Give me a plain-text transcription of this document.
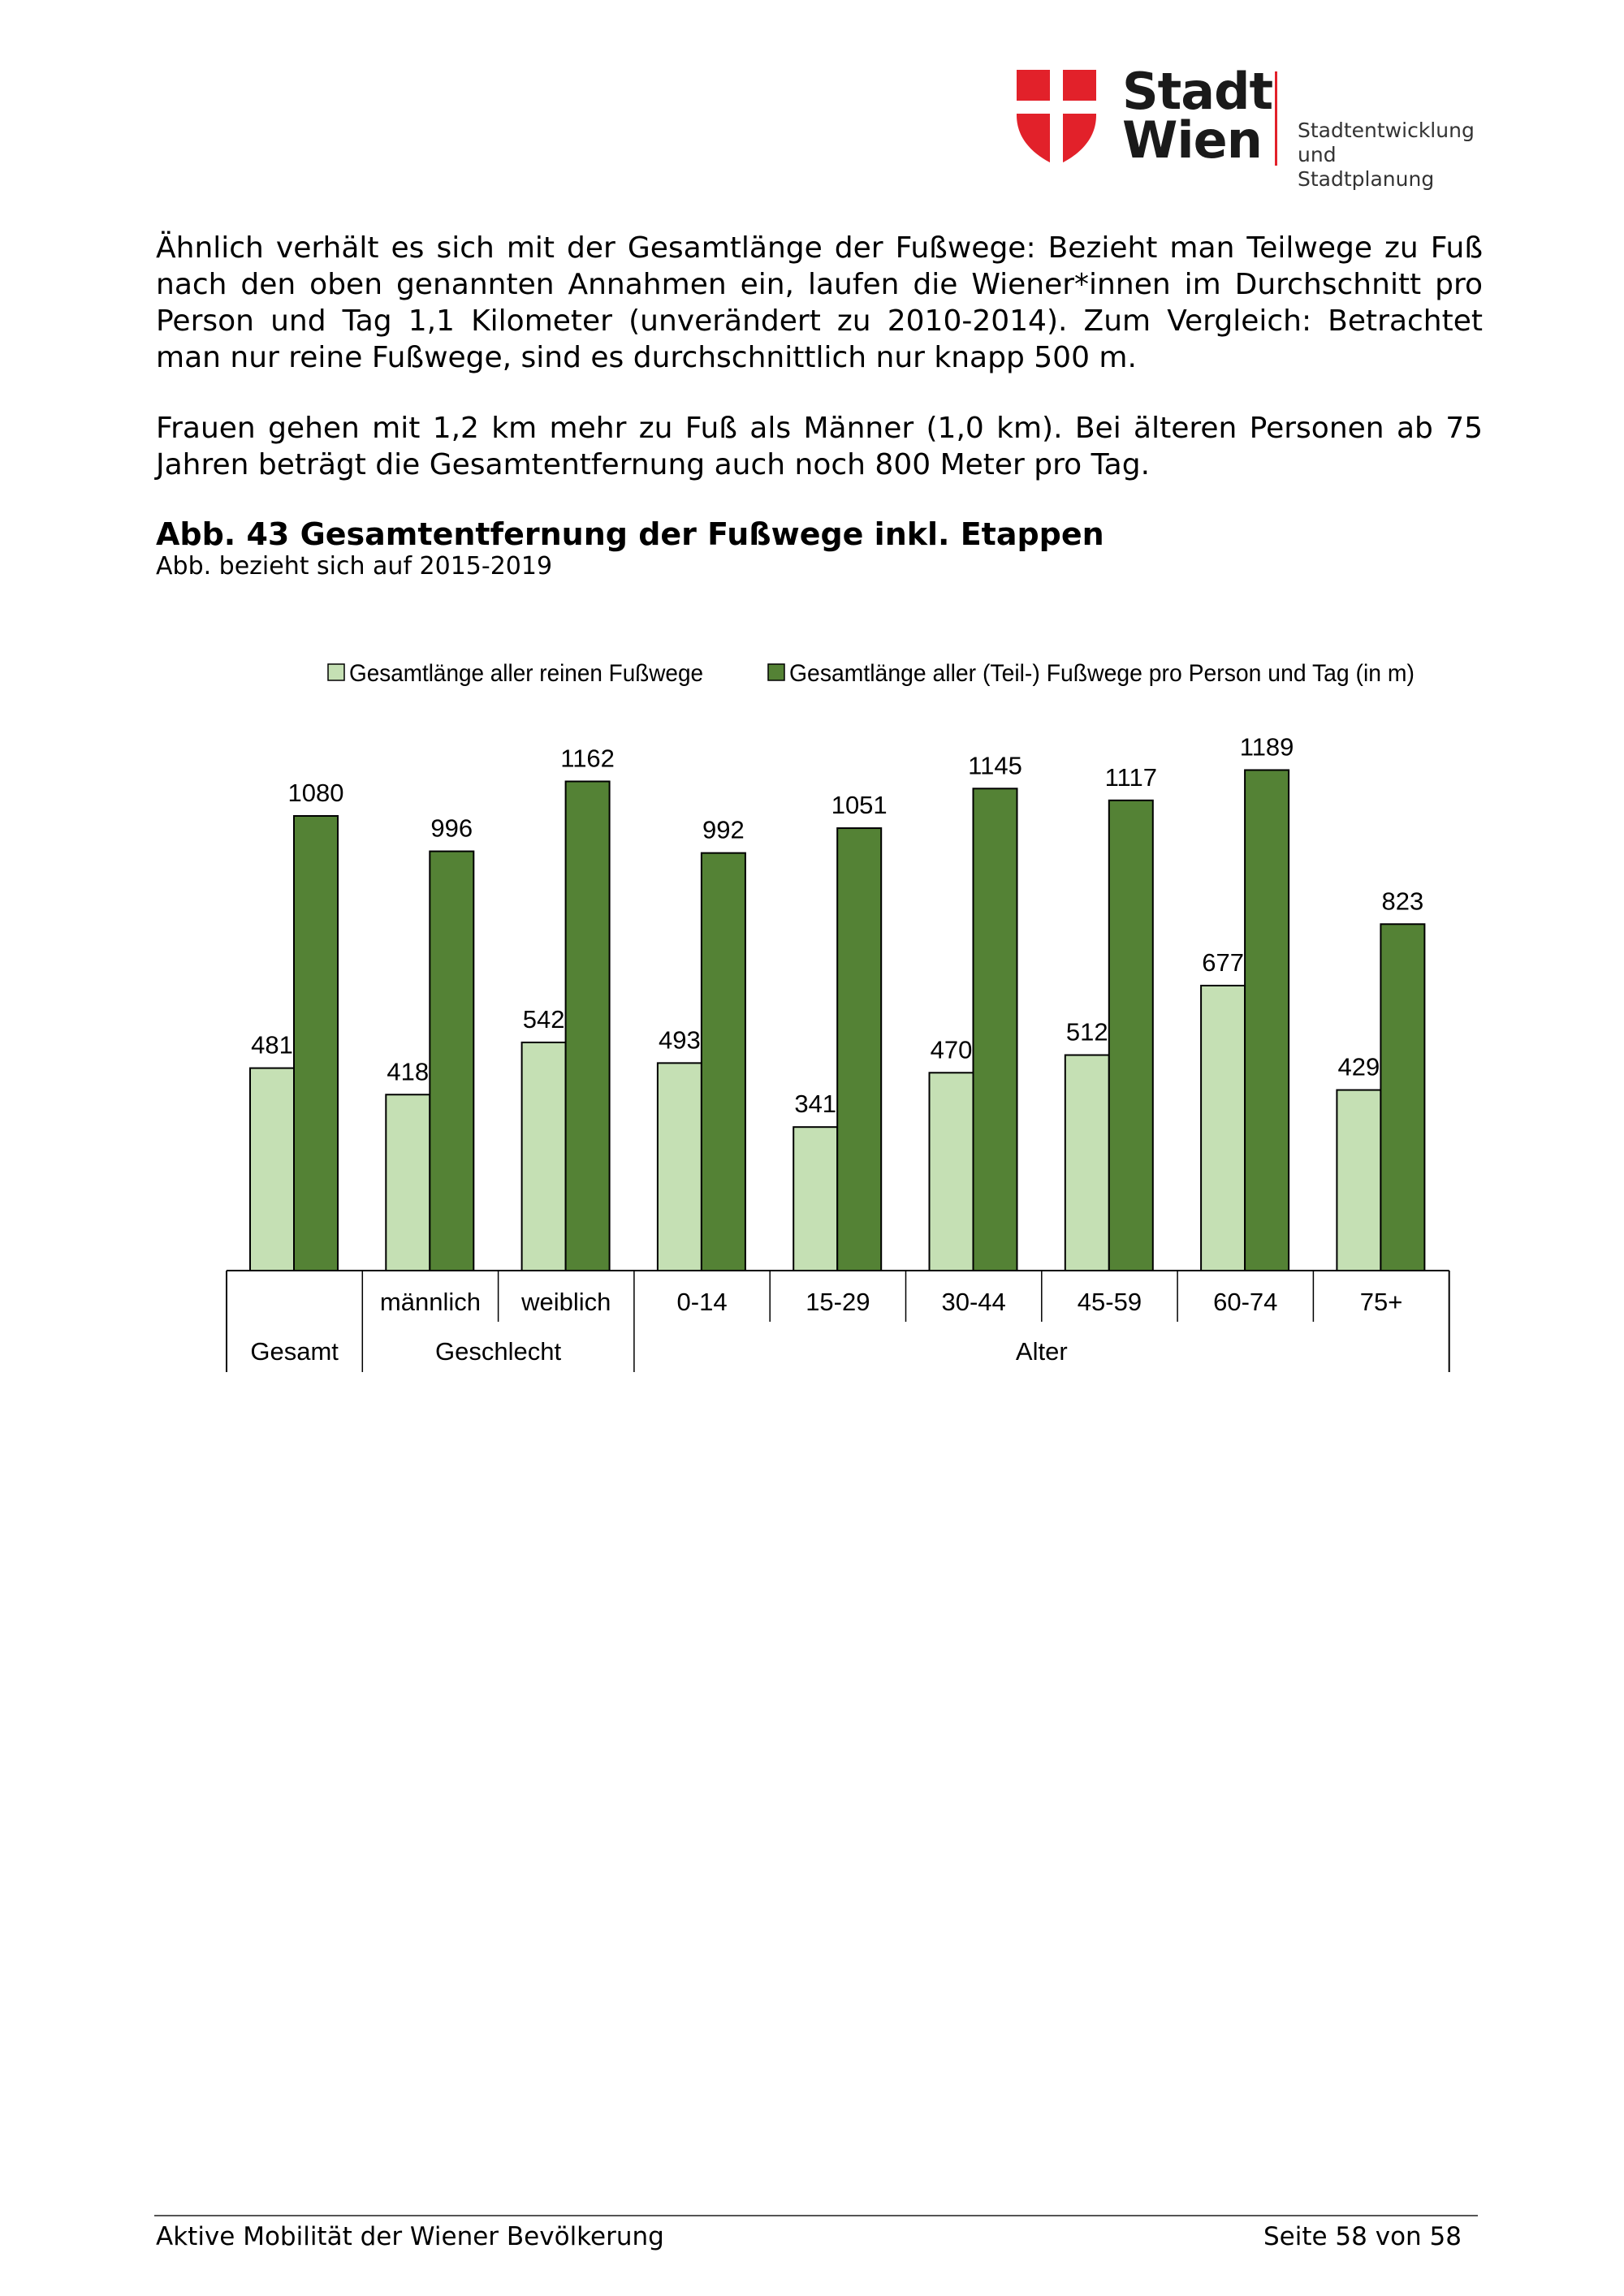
Stadt
Wien Stadtentwicklung
und Stadtplanung
Ähnlich verhält es sich mit der Gesamtlänge der Fußwege: Bezieht man Teilwege zu Fuß nach den oben genannten Annahmen ein, laufen die Wiener*innen im Durchschnitt pro Person und Tag 1,1 Kilometer (unverändert zu 2010-2014). Zum Vergleich: Betrachtet man nur reine Fußwege, sind es durchschnittlich nur knapp 500 m.
Frauen gehen mit 1,2 km mehr zu Fuß als Männer (1,0 km). Bei älteren Personen ab 75 Jahren beträgt die Gesamtentfernung auch noch 800 Meter pro Tag.
Abb. 43 Gesamtentfernung der Fußwege inkl. Etappen
Abb. bezieht sich auf 2015-2019
Gesamtlänge aller reinen Fußwege	Gesamtlänge aller (Teil-) Fußwege pro Person und Tag (in m)
481
1080
418
996
542
1162
493
992
341
1051
470
1145
512
1117
677
1189
429
823
männlich weiblich	0-14	15-29	30-44	45-59	60-74	75+
Gesamt	Geschlecht	Alter
Aktive Mobilität der Wiener Bevölkerung	Seite 58 von 58
